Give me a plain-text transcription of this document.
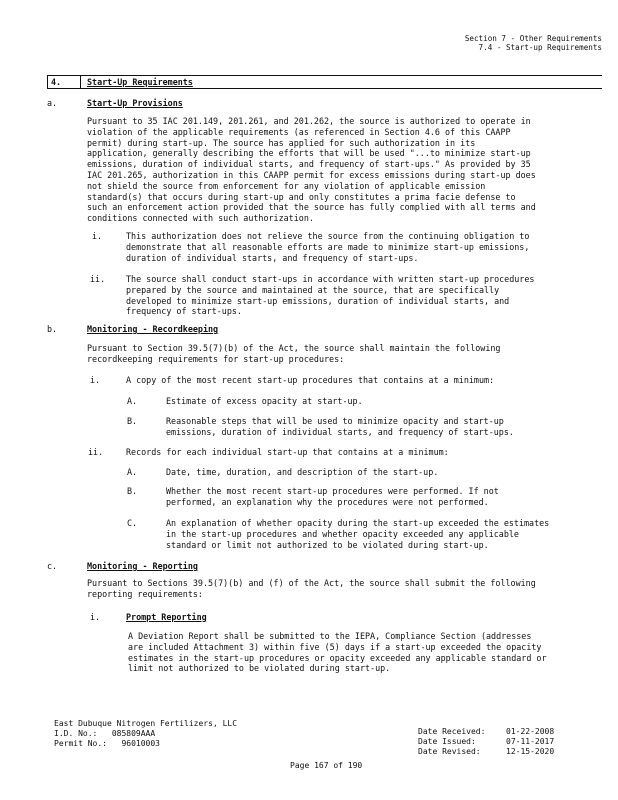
Section 7 - Other Requirements
7.4 - Start-up Requirements
4.	Start-Up Requirements
a.	Start-Up Provisions
Pursuant to 35 IAC 201.149, 201.261, and 201.262, the source is authorized to operate in
violation of the applicable requirements (as referenced in Section 4.6 of this CAAPP
permit) during start-up. The source has applied for such authorization in its
application, generally describing the efforts that will be used "...to minimize start-up
emissions, duration of individual starts, and frequency of start-ups." As provided by 35
IAC 201.265, authorization in this CAAPP permit for excess emissions during start-up does
not shield the source from enforcement for any violation of applicable emission
standard(s) that occurs during start-up and only constitutes a prima facie defense to
such an enforcement action provided that the source has fully complied with all terms and
conditions connected with such authorization.
i.	This authorization does not relieve the source from the continuing obligation to
demonstrate that all reasonable efforts are made to minimize start-up emissions,
duration of individual starts, and frequency of start-ups.
ii. The source shall conduct start-ups in accordance with written start-up procedures
prepared by the source and maintained at the source, that are specifically
developed to minimize start-up emissions, duration of individual starts, and
frequency of start-ups.
b.	Monitoring - Recordkeeping
Pursuant to Section 39.5(7)(b) of the Act, the source shall maintain the following
recordkeeping requirements for start-up procedures:
i.	A copy of the most recent start-up procedures that contains at a minimum:
A.	Estimate of excess opacity at start-up.
B.	Reasonable steps that will be used to minimize opacity and start-up
emissions, duration of individual starts, and frequency of start-ups.
ii.	Records for each individual start-up that contains at a minimum:
A.	Date, time, duration, and description of the start-up.
B.	Whether the most recent start-up procedures were performed. If not
performed, an explanation why the procedures were not performed.
C.	An explanation of whether opacity during the start-up exceeded the estimates
in the start-up procedures and whether opacity exceeded any applicable
standard or limit not authorized to be violated during start-up.
c.	Monitoring - Reporting
Pursuant to Sections 39.5(7)(b) and (f) of the Act, the source shall submit the following
reporting requirements:
i.	Prompt Reporting
A Deviation Report shall be submitted to the IEPA, Compliance Section (addresses
are included Attachment 3) within five (5) days if a start-up exceeded the opacity
estimates in the start-up procedures or opacity exceeded any applicable standard or
limit not authorized to be violated during start-up.
East Dubuque Nitrogen Fertilizers, LLC
I.D. No.: 085809AAA
Permit No.: 96010003
Date Received:	01-22-2008
Date Issued:	07-11-2017
Date Revised:	12-15-2020
Page 167 of 190
